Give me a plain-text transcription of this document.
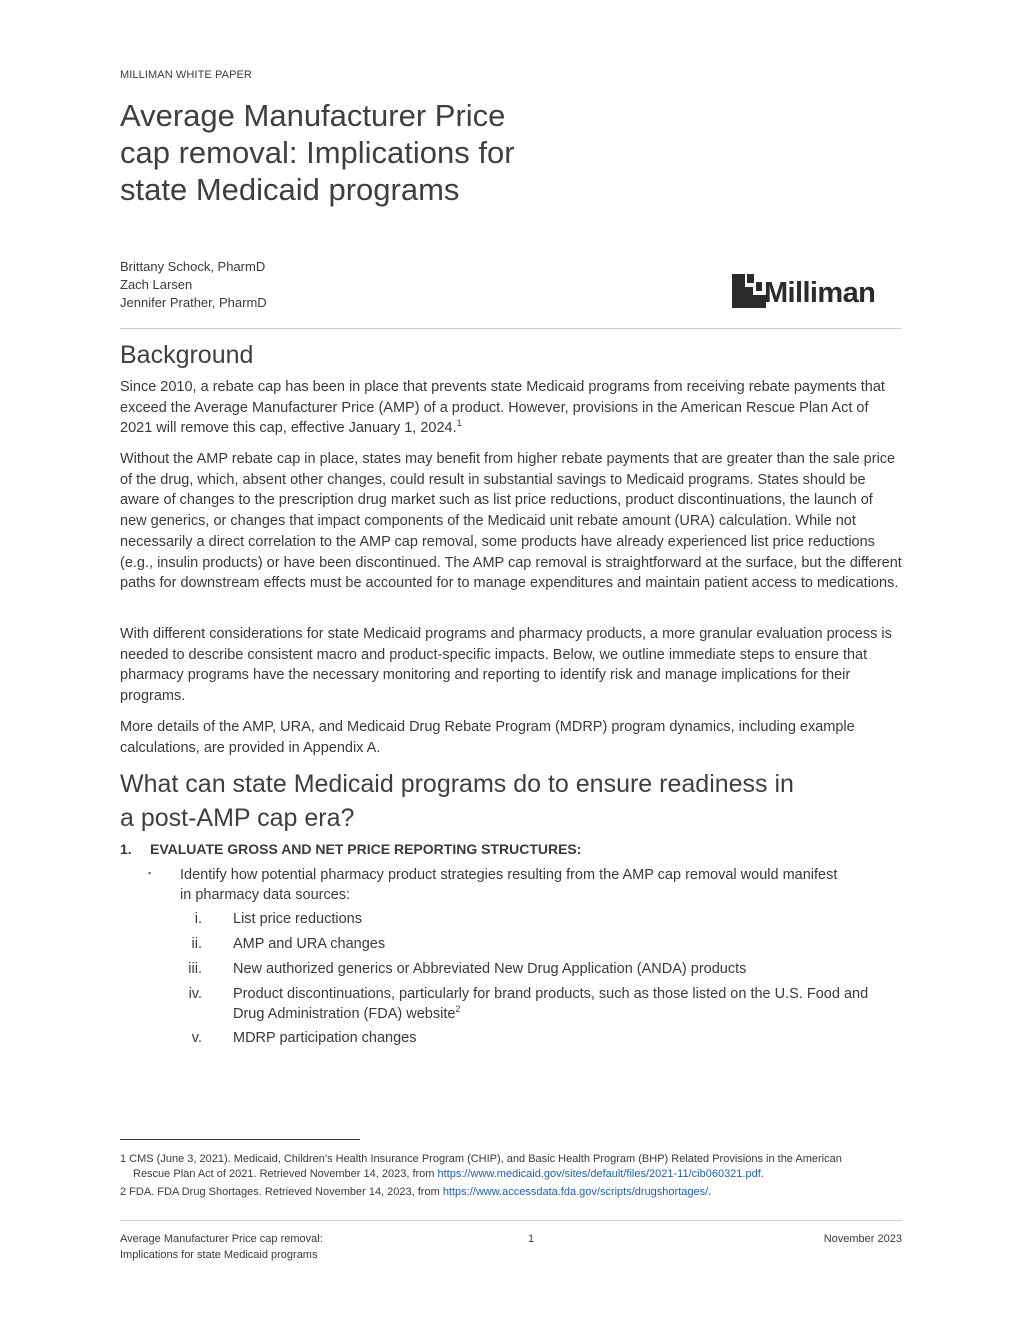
MILLIMAN WHITE PAPER
Average Manufacturer Price
cap removal: Implications for
state Medicaid programs
Brittany Schock, PharmD
Zach Larsen
Jennifer Prather, PharmD	Milliman
Background

Since 2010, a rebate cap has been in place that prevents state Medicaid programs from receiving rebate payments that exceed the Average Manufacturer Price (AMP) of a product. However, provisions in the American Rescue Plan Act of 2021 will remove this cap, effective January 1, 2024.$^1$

Without the AMP rebate cap in place, states may benefit from higher rebate payments that are greater than the sale price of the drug, which, absent other changes, could result in substantial savings to Medicaid programs. States should be aware of changes to the prescription drug market such as list price reductions, product discontinuations, the launch of new generics, or changes that impact components of the Medicaid unit rebate amount (URA) calculation. While not necessarily a direct correlation to the AMP cap removal, some products have already experienced list price reductions (e.g., insulin products) or have been discontinued. The AMP cap removal is straightforward at the surface, but the different paths for downstream effects must be accounted for to manage expenditures and maintain patient access to medications.

With different considerations for state Medicaid programs and pharmacy products, a more granular evaluation process is needed to describe consistent macro and product-specific impacts. Below, we outline immediate steps to ensure that pharmacy programs have the necessary monitoring and reporting to identify risk and manage implications for their programs.

More details of the AMP, URA, and Medicaid Drug Rebate Program (MDRP) program dynamics, including example calculations, are provided in Appendix A.

What can state Medicaid programs do to ensure readiness in
a post-AMP cap era?
1. EVALUATE GROSS AND NET PRICE REPORTING STRUCTURES:
▪	Identify how potential pharmacy product strategies resulting from the AMP cap removal would manifest
in pharmacy data sources:
i. List price reductions
ii. AMP and URA changes
iii. New authorized generics or Abbreviated New Drug Application (ANDA) products
iv. Product discontinuations, particularly for brand products, such as those listed on the U.S. Food and Drug Administration (FDA) website$^2$
v. MDRP participation changes
1 CMS (June 3, 2021). Medicaid, Children’s Health Insurance Program (CHIP), and Basic Health Program (BHP) Related Provisions in the American
Rescue Plan Act of 2021. Retrieved November 14, 2023, from https://www.medicaid.gov/sites/default/files/2021-11/cib060321.pdf.
2 FDA. FDA Drug Shortages. Retrieved November 14, 2023, from https://www.accessdata.fda.gov/scripts/drugshortages/.
Average Manufacturer Price cap removal:
Implications for state Medicaid programs
1	November 2023
